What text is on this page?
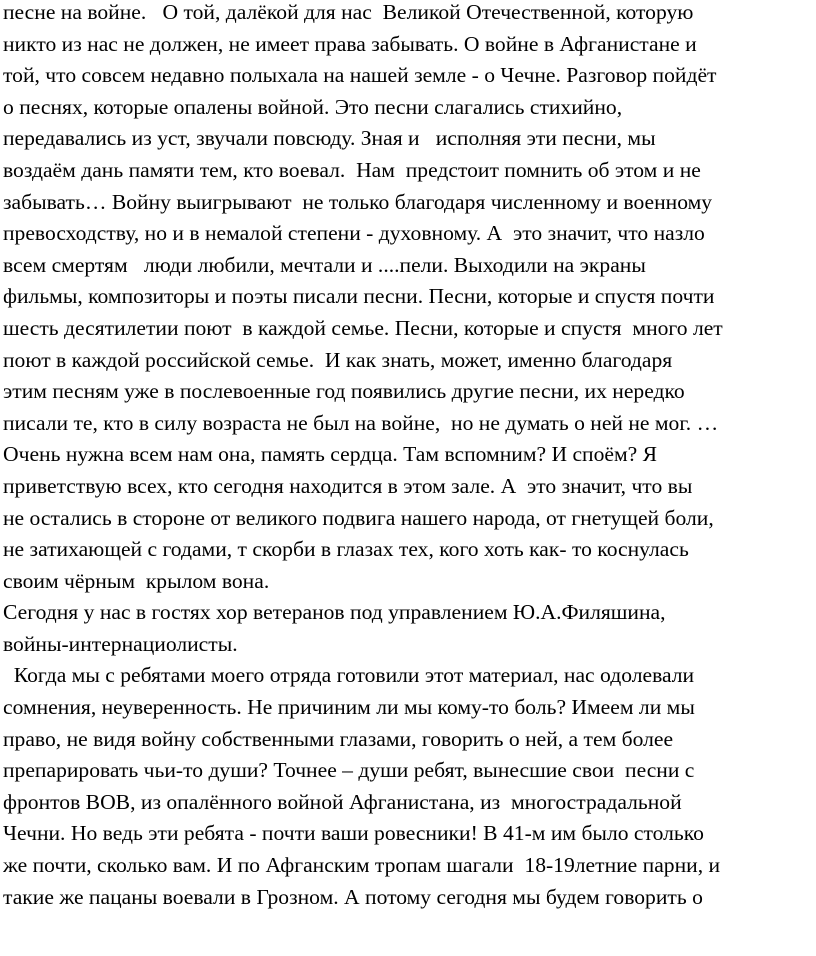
песне на войне.   О той, далёкой для нас  Великой Отечественной, которую
никто из нас не должен, не имеет права забывать. О войне в Афганистане и
той, что совсем недавно полыхала на нашей земле - о Чечне. Разговор пойдёт
о песнях, которые опалены войной. Это песни слагались стихийно,
передавались из уст, звучали повсюду. Зная и   исполняя эти песни, мы
воздаём дань памяти тем, кто воевал.  Нам  предстоит помнить об этом и не
забывать… Войну выигрывают  не только благодаря численному и военному
превосходству, но и в немалой степени - духовному. А  это значит, что назло
всем смертям   люди любили, мечтали и ....пели. Выходили на экраны
фильмы, композиторы и поэты писали песни. Песни, которые и спустя почти
шесть десятилетии поют  в каждой семье. Песни, которые и спустя  много лет
поют в каждой российской семье.  И как знать, может, именно благодаря
этим песням уже в послевоенные год появились другие песни, их нередко
писали те, кто в силу возраста не был на войне,  но не думать о ней не мог. …
Очень нужна всем нам она, память сердца. Там вспомним? И споём? Я
приветствую всех, кто сегодня находится в этом зале. А  это значит, что вы
не остались в стороне от великого подвига нашего народа, от гнетущей боли,
не затихающей с годами, т скорби в глазах тех, кого хоть как- то коснулась
своим чёрным  крылом вона.
Сегодня у нас в гостях хор ветеранов под управлением Ю.А.Филяшина,
войны-интернациолисты.
Когда мы с ребятами моего отряда готовили этот материал, нас одолевали
сомнения, неуверенность. Не причиним ли мы кому-то боль? Имеем ли мы
право, не видя войну собственными глазами, говорить о ней, а тем более
препарировать чьи-то души? Точнее – души ребят, вынесшие свои  песни с
фронтов ВОВ, из опалённого войной Афганистана, из  многострадальной
Чечни. Но ведь эти ребята - почти ваши ровесники! В 41-м им было столько
же почти, сколько вам. И по Афганским тропам шагали  18-19летние парни, и
такие же пацаны воевали в Грозном. А потому сегодня мы будем говорить о
